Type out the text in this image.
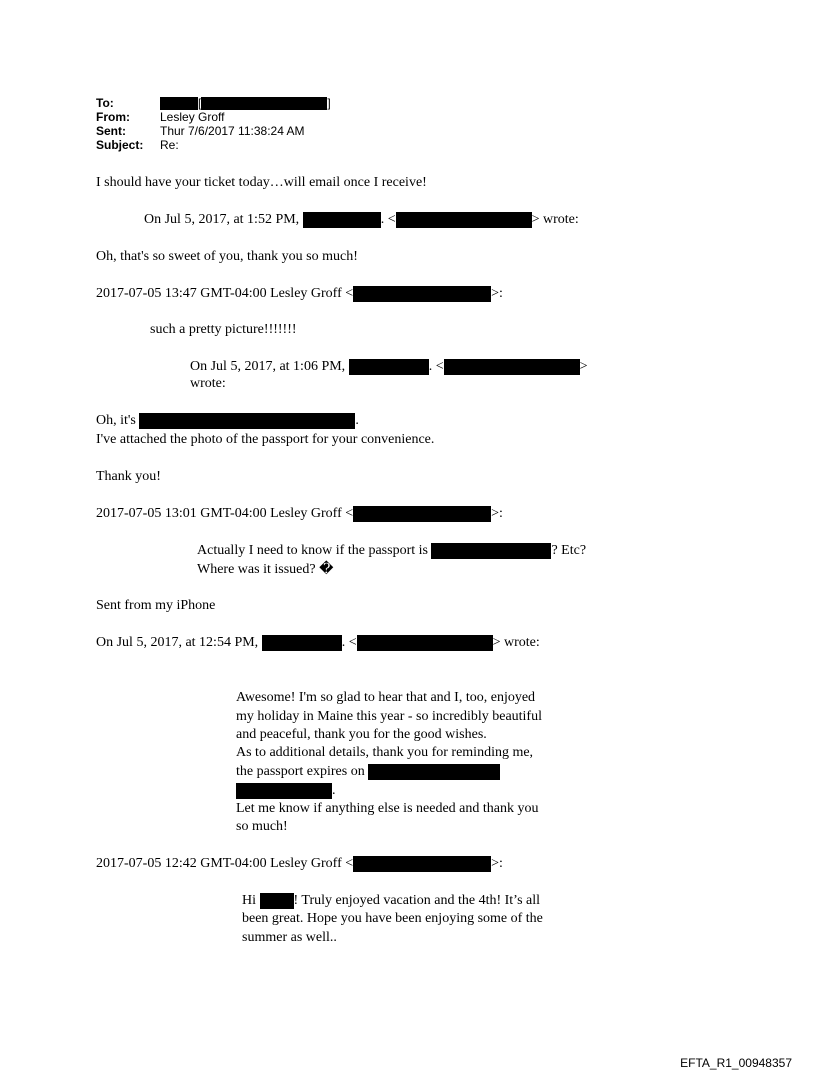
To:	[	]
From:	Lesley Groff
Sent:	Thur 7/6/2017 11:38:24 AM
Subject: Re:
I should have your ticket today…will email once I receive!
On Jul 5, 2017, at 1:52 PM,	. <	> wrote:
Oh, that's so sweet of you, thank you so much!
2017-07-05 13:47 GMT-04:00 Lesley Groff <	>:
such a pretty picture!!!!!!!
On Jul 5, 2017, at 1:06 PM,	. <	>
wrote:
Oh, it's	.
I've attached the photo of the passport for your convenience.
Thank you!
2017-07-05 13:01 GMT-04:00 Lesley Groff <	>:
Actually I need to know if the passport is	? Etc?
Where was it issued? �
Sent from my iPhone
On Jul 5, 2017, at 12:54 PM,	. <	> wrote:
Awesome! I'm so glad to hear that and I, too, enjoyed
my holiday in Maine this year - so incredibly beautiful
and peaceful, thank you for the good wishes.
As to additional details, thank you for reminding me,
the passport expires on
.
Let me know if anything else is needed and thank you
so much!
2017-07-05 12:42 GMT-04:00 Lesley Groff <	>:
Hi	! Truly enjoyed vacation and the 4th! It’s all
been great. Hope you have been enjoying some of the
summer as well..
EFTA_R1_00948357
